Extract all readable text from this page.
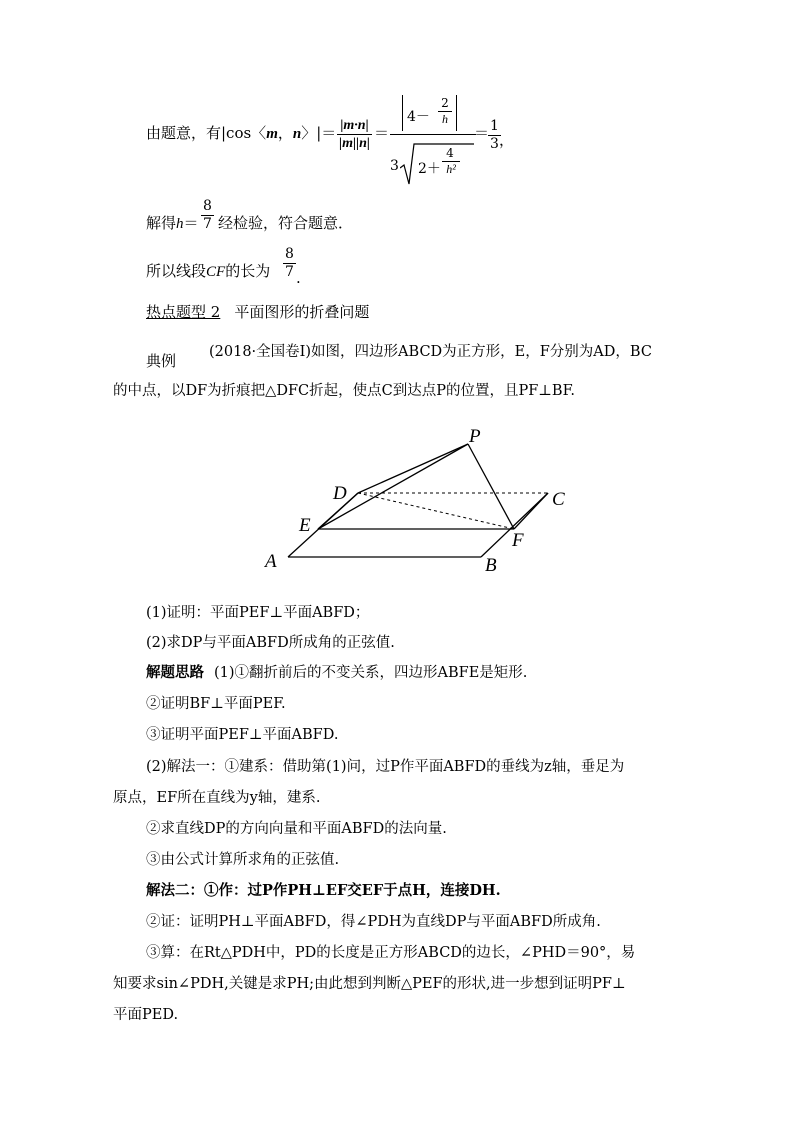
由题意，有|cos〈m，n〉|＝ $\frac{|m\cdot n|}{|m||n|}$ ＝
4－
2
h
3 2＋
4
h²
＝
$\frac{1}{3}$
，
解得$h= \frac{8}{7}$ 经检验，符合题意．
所以线段CF的长为 $\frac{8}{7}$ .
热点题型 2 平面图形的折叠问题
典例 (2018·全国卷Ⅰ)如图，四边形ABCD为正方形，E，F分别为AD，BC
的中点，以DF为折痕把△DFC折起，使点C到达点P的位置，且PF⊥BF.
P
D	C
E
F
A	B
(1)证明：平面PEF⊥平面ABFD；
(2)求DP与平面ABFD所成角的正弦值.
解题思路 (1)①翻折前后的不变关系，四边形ABFE是矩形.
②证明BF⊥平面PEF.
③证明平面PEF⊥平面ABFD.
(2)解法一：①建系：借助第(1)问，过P作平面ABFD的垂线为z轴，垂足为
原点，EF所在直线为y轴，建系.
②求直线DP的方向向量和平面ABFD的法向量.
③由公式计算所求角的正弦值.
解法二：①作：过P作PH⊥EF交EF于点H，连接DH.
②证：证明PH⊥平面ABFD，得∠PDH为直线DP与平面ABFD所成角.
③算：在Rt△PDH中，PD的长度是正方形ABCD的边长，∠PHD＝90°，易
知要求sin∠PDH,关键是求PH;由此想到判断△PEF的形状,进一步想到证明PF⊥
平面PED.
